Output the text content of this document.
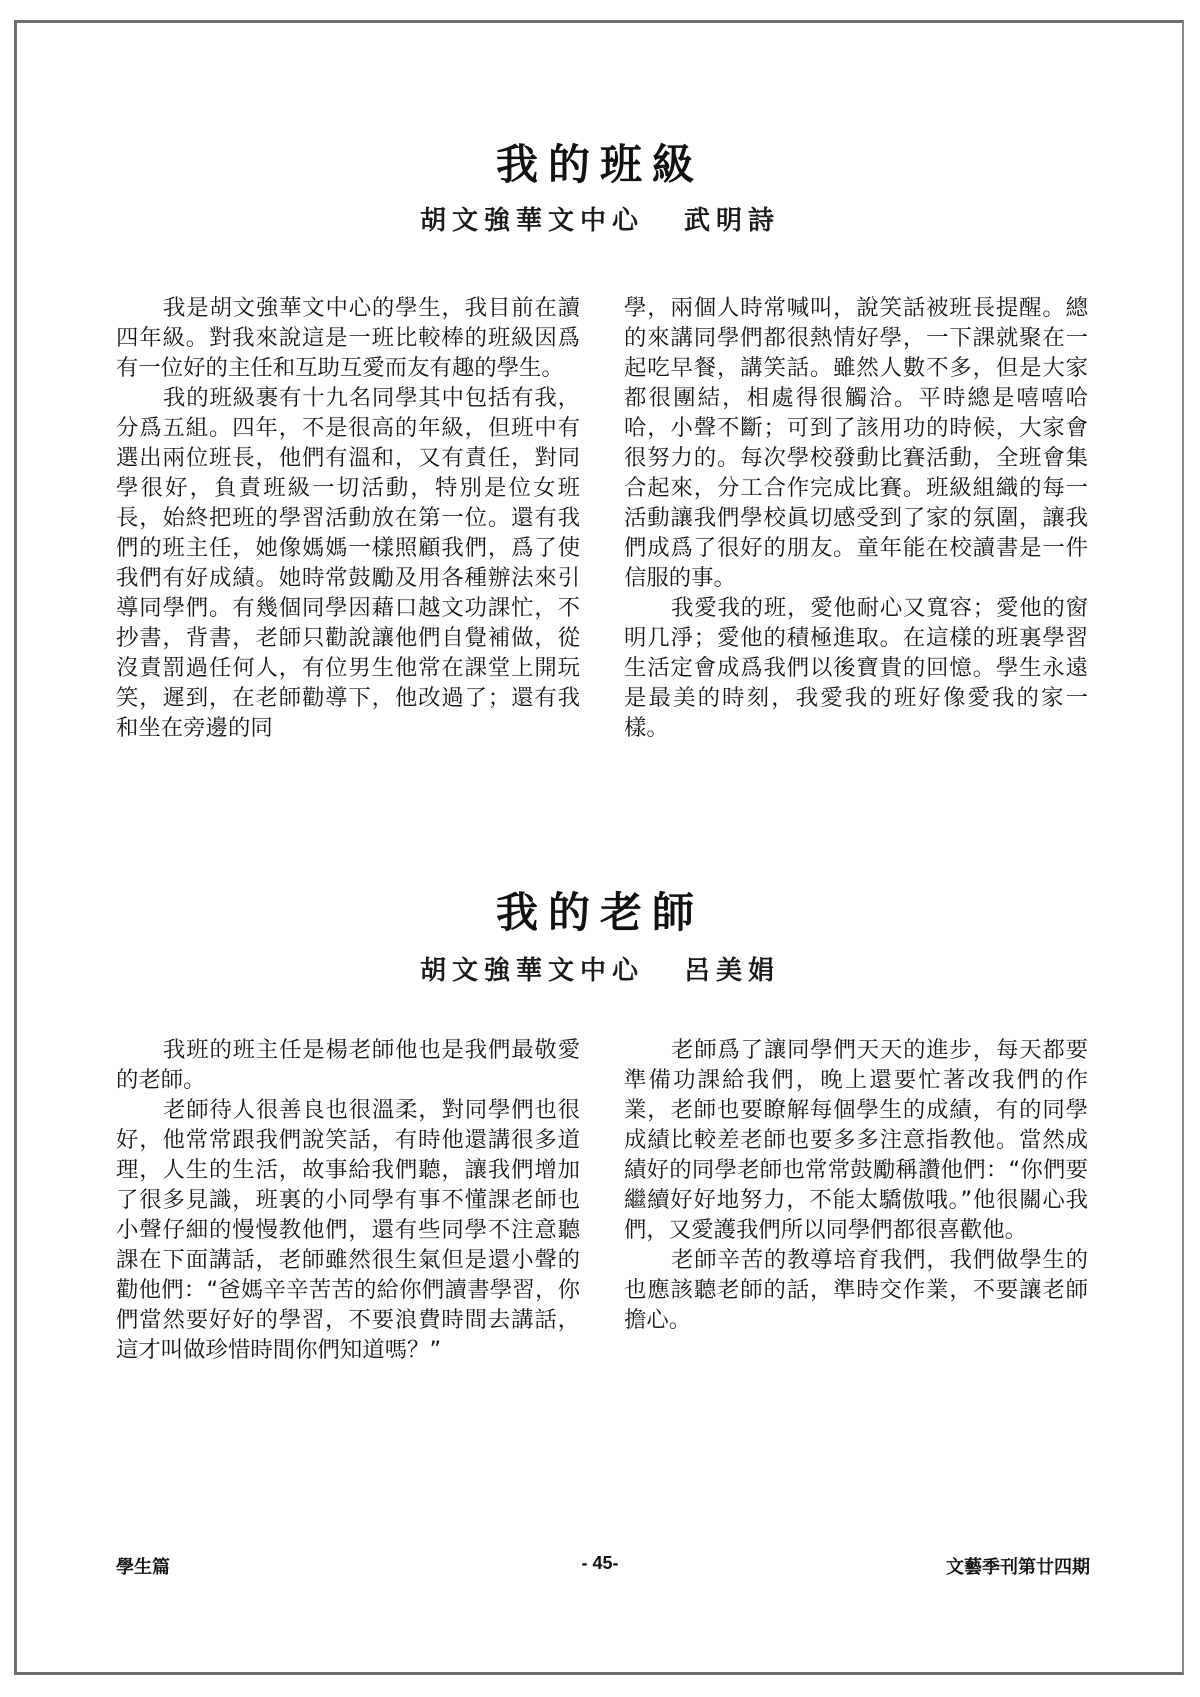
我的班級
胡文強華文中心 武明詩

我是胡文強華文中心的學生，我目前在讀四年級。對我來說這是一班比較棒的班級因爲有一位好的主任和互助互愛而友有趣的學生。

我的班級裹有十九名同學其中包括有我，分爲五組。四年，不是很高的年級，但班中有選出兩位班長，他們有溫和，又有責任，對同學很好，負責班級一切活動，特別是位女班長，始終把班的學習活動放在第一位。還有我們的班主任，她像媽媽一樣照顧我們，爲了使我們有好成績。她時常鼓勵及用各種辦法來引導同學們。有幾個同學因藉口越文功課忙，不抄書，背書，老師只勸說讓他們自覺補做，從沒責罰過任何人，有位男生他常在課堂上開玩笑，遲到，在老師勸導下，他改過了；還有我和坐在旁邊的同

學，兩個人時常喊叫，說笑話被班長提醒。總的來講同學們都很熱情好學，一下課就聚在一起吃早餐，講笑話。雖然人數不多，但是大家都很團結，相處得很觸洽。平時總是嘻嘻哈哈，小聲不斷；可到了該用功的時候，大家會很努力的。每次學校發動比賽活動，全班會集合起來，分工合作完成比賽。班級組織的每一活動讓我們學校眞切感受到了家的氛圍，讓我們成爲了很好的朋友。童年能在校讀書是一件信服的事。

我愛我的班，愛他耐心又寬容；愛他的窗明几淨；愛他的積極進取。在這樣的班裏學習生活定會成爲我們以後寶貴的回憶。學生永遠是最美的時刻，我愛我的班好像愛我的家一樣。

我的老師
胡文強華文中心 呂美娟

我班的班主任是楊老師他也是我們最敬愛的老師。

老師待人很善良也很溫柔，對同學們也很好，他常常跟我們說笑話，有時他還講很多道理，人生的生活，故事給我們聽，讓我們增加了很多見識，班裏的小同學有事不懂課老師也小聲仔細的慢慢教他們，還有些同學不注意聽課在下面講話，老師雖然很生氣但是還小聲的勸他們：“爸媽辛辛苦苦的給你們讀書學習，你們當然要好好的學習，不要浪費時間去講話，這才叫做珍惜時間你們知道嗎？”

老師爲了讓同學們天天的進步，每天都要準備功課給我們，晚上還要忙著改我們的作業，老師也要瞭解每個學生的成績，有的同學成績比較差老師也要多多注意指教他。當然成績好的同學老師也常常鼓勵稱讚他們：“你們要繼續好好地努力，不能太驕傲哦。”他很關心我們，又愛護我們所以同學們都很喜歡他。

老師辛苦的教導培育我們，我們做學生的也應該聽老師的話，準時交作業，不要讓老師擔心。

學生篇	- 45-	文藝季刊第廿四期
